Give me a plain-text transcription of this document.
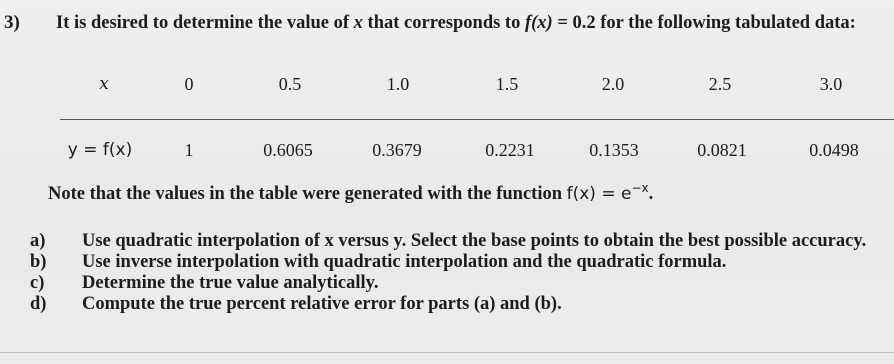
3) It is desired to determine the value of x that corresponds to f(x) = 0.2 for the following tabulated data:
x	0	0.5	1.0	1.5	2.0	2.5	3.0
y = f(x)	1	0.6065	0.3679	0.2231	0.1353	0.0821	0.0498
Note that the values in the table were generated with the function $f(x) = e^{-x}$.
a) Use quadratic interpolation of x versus y. Select the base points to obtain the best possible accuracy.
b) Use inverse interpolation with quadratic interpolation and the quadratic formula.
c) Determine the true value analytically.
d) Compute the true percent relative error for parts (a) and (b).
